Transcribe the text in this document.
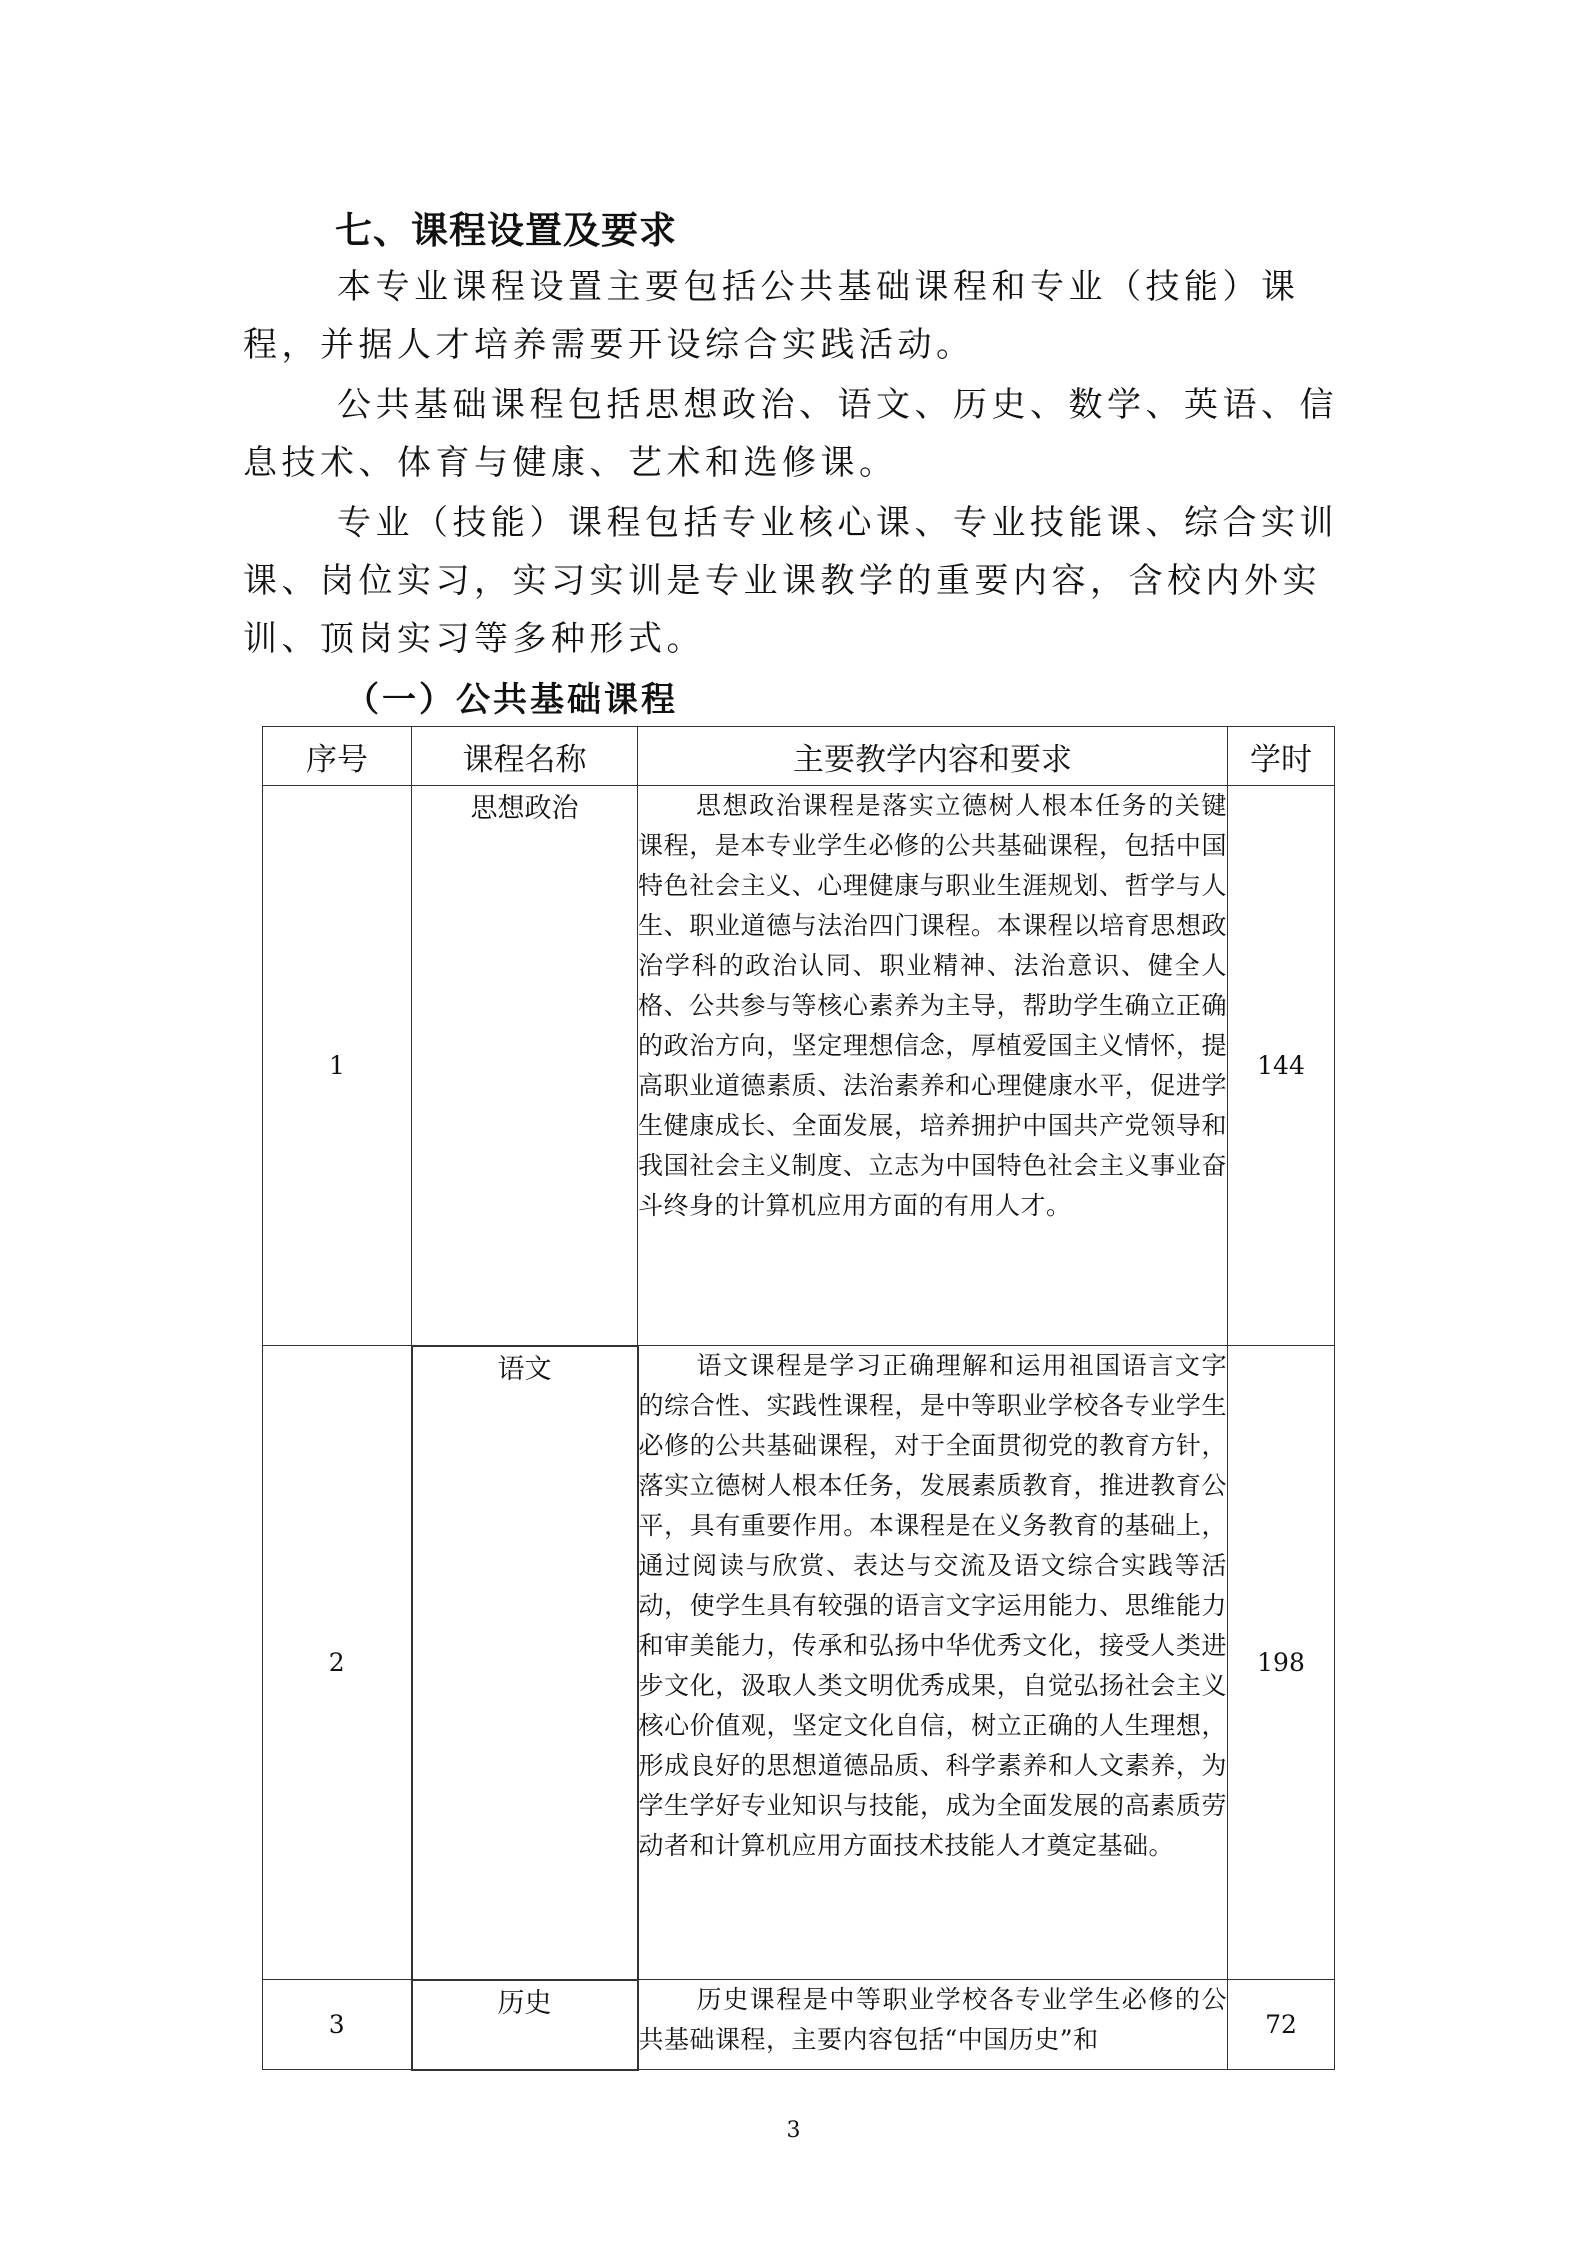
七、课程设置及要求
本专业课程设置主要包括公共基础课程和专业（技能）课程，并据人才培养需要开设综合实践活动。
公共基础课程包括思想政治、语文、历史、数学、英语、信息技术、体育与健康、艺术和选修课。
专业（技能）课程包括专业核心课、专业技能课、综合实训课、岗位实习，实习实训是专业课教学的重要内容，含校内外实训、顶岗实习等多种形式。
（一）公共基础课程
序号	课程名称	主要教学内容和要求	学时
1	思想政治	思想政治课程是落实立德树人根本任务的关键课程，是本专业学生必修的公共基础课程，包括中国特色社会主义、心理健康与职业生涯规划、哲学与人生、职业道德与法治四门课程。本课程以培育思想政治学科的政治认同、职业精神、法治意识、健全人格、公共参与等核心素养为主导，帮助学生确立正确的政治方向，坚定理想信念，厚植爱国主义情怀，提高职业道德素质、法治素养和心理健康水平，促进学生健康成长、全面发展，培养拥护中国共产党领导和我国社会主义制度、立志为中国特色社会主义事业奋斗终身的计算机应用方面的有用人才。	144
2	语文	语文课程是学习正确理解和运用祖国语言文字的综合性、实践性课程，是中等职业学校各专业学生必修的公共基础课程，对于全面贯彻党的教育方针，落实立德树人根本任务，发展素质教育，推进教育公平，具有重要作用。本课程是在义务教育的基础上，通过阅读与欣赏、表达与交流及语文综合实践等活动，使学生具有较强的语言文字运用能力、思维能力和审美能力，传承和弘扬中华优秀文化，接受人类进步文化，汲取人类文明优秀成果，自觉弘扬社会主义核心价值观，坚定文化自信，树立正确的人生理想，形成良好的思想道德品质、科学素养和人文素养，为学生学好专业知识与技能，成为全面发展的高素质劳动者和计算机应用方面技术技能人才奠定基础。	198
3	历史	历史课程是中等职业学校各专业学生必修的公共基础课程，主要内容包括“中国历史”和	72
3
